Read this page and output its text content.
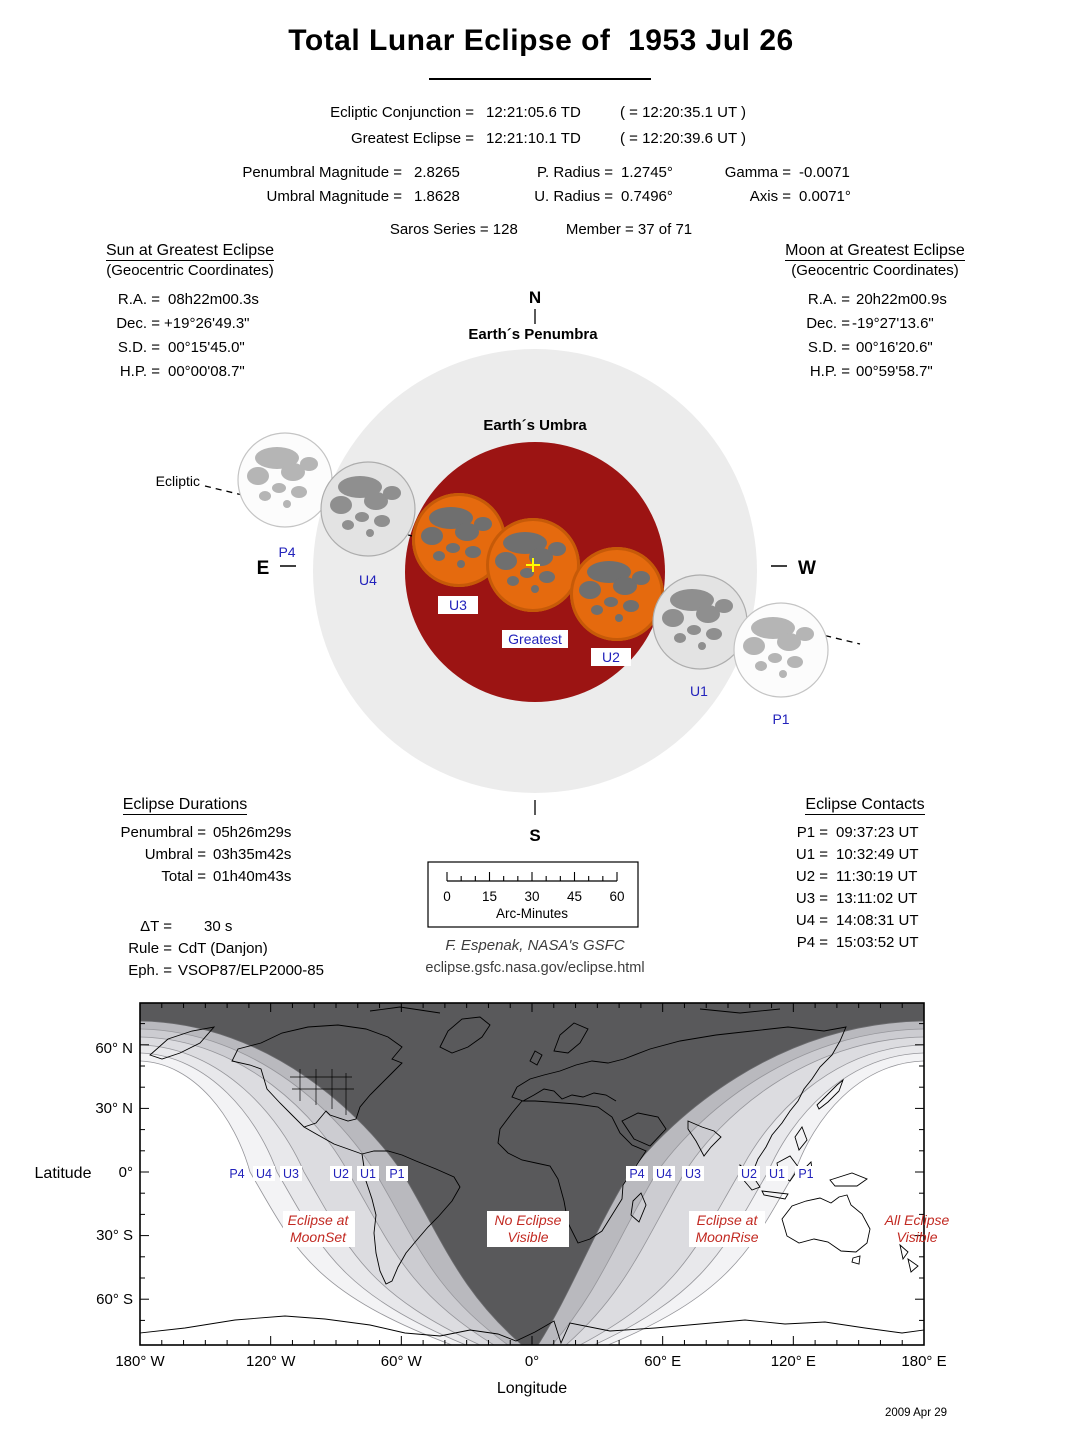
Earth´s Penumbra
Earth´s Umbra
N
S
E	W
Ecliptic
P4
U4
U3
Greatest
U2
U1
P1
0 15 30 45 60
Arc-Minutes
F. Espenak, NASA's GSFC
eclipse.gsfc.nasa.gov/eclipse.html
P4 U4 U3	U2 U1 P1	P4 U4 U3	U2 U1 P1
Eclipse at
MoonSet
No Eclipse
Visible
Eclipse at
MoonRise
All Eclipse
Visible
60° N
30° N
0°
30° S
60° S
180° W	120° W	60° W	0°	60° E	120° E	180° E
Latitude
Longitude
2009 Apr 29
Total Lunar Eclipse of  1953 Jul 26
Ecliptic Conjunction = 12:21:05.6 TD	( = 12:20:35.1 UT )
Greatest Eclipse = 12:21:10.1 TD	( = 12:20:39.6 UT )
Penumbral Magnitude = 2.8265	P. Radius = 1.2745°	Gamma = -0.0071
Umbral Magnitude = 1.8628	U. Radius = 0.7496°	Axis = 0.0071°
Saros Series = 128	Member = 37 of 71
Sun at Greatest Eclipse
(Geocentric Coordinates)
R.A. = 08h22m00.3s
Dec. = +19°26'49.3"
S.D. = 00°15'45.0"
H.P. = 00°00'08.7"
Moon at Greatest Eclipse
(Geocentric Coordinates)
R.A. = 20h22m00.9s
Dec. = -19°27'13.6"
S.D. = 00°16'20.6"
H.P. = 00°59'58.7"
Eclipse Durations
Penumbral = 05h26m29s
Umbral = 03h35m42s
Total = 01h40m43s
ΔT =	30 s
Rule = CdT (Danjon)
Eph. = VSOP87/ELP2000-85
Eclipse Contacts
P1 = 09:37:23 UT
U1 = 10:32:49 UT
U2 = 11:30:19 UT
U3 = 13:11:02 UT
U4 = 14:08:31 UT
P4 = 15:03:52 UT
